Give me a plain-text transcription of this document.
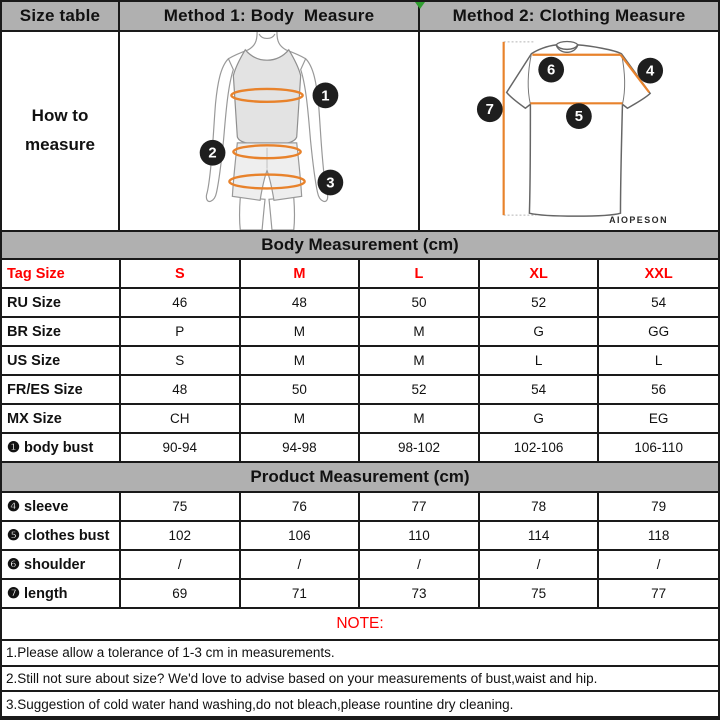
Size table	Method 1: Body  Measure	Method 2: Clothing Measure
How to
measure
1
2
3
6	4
7	5
AIOPESON
Body Measurement (cm)
Tag Size	S	M	L	XL	XXL
RU Size	46	48	50	52	54
BR Size	P	M	M	G	GG
US Size	S	M	M	L	L
FR/ES Size	48	50	52	54	56
MX Size	CH	M	M	G	EG
❶ body bust	90-94	94-98	98-102	102-106	106-110
Product Measurement (cm)
❹ sleeve	75	76	77	78	79
❺ clothes bust	102	106	110	114	118
❻ shoulder	/	/	/	/	/
❼ length	69	71	73	75	77
NOTE:
1.Please allow a tolerance of 1-3 cm in measurements.
2.Still not sure about size? We'd love to advise based on your measurements of bust,waist and hip.
3.Suggestion of cold water hand washing,do not bleach,please rountine dry cleaning.
